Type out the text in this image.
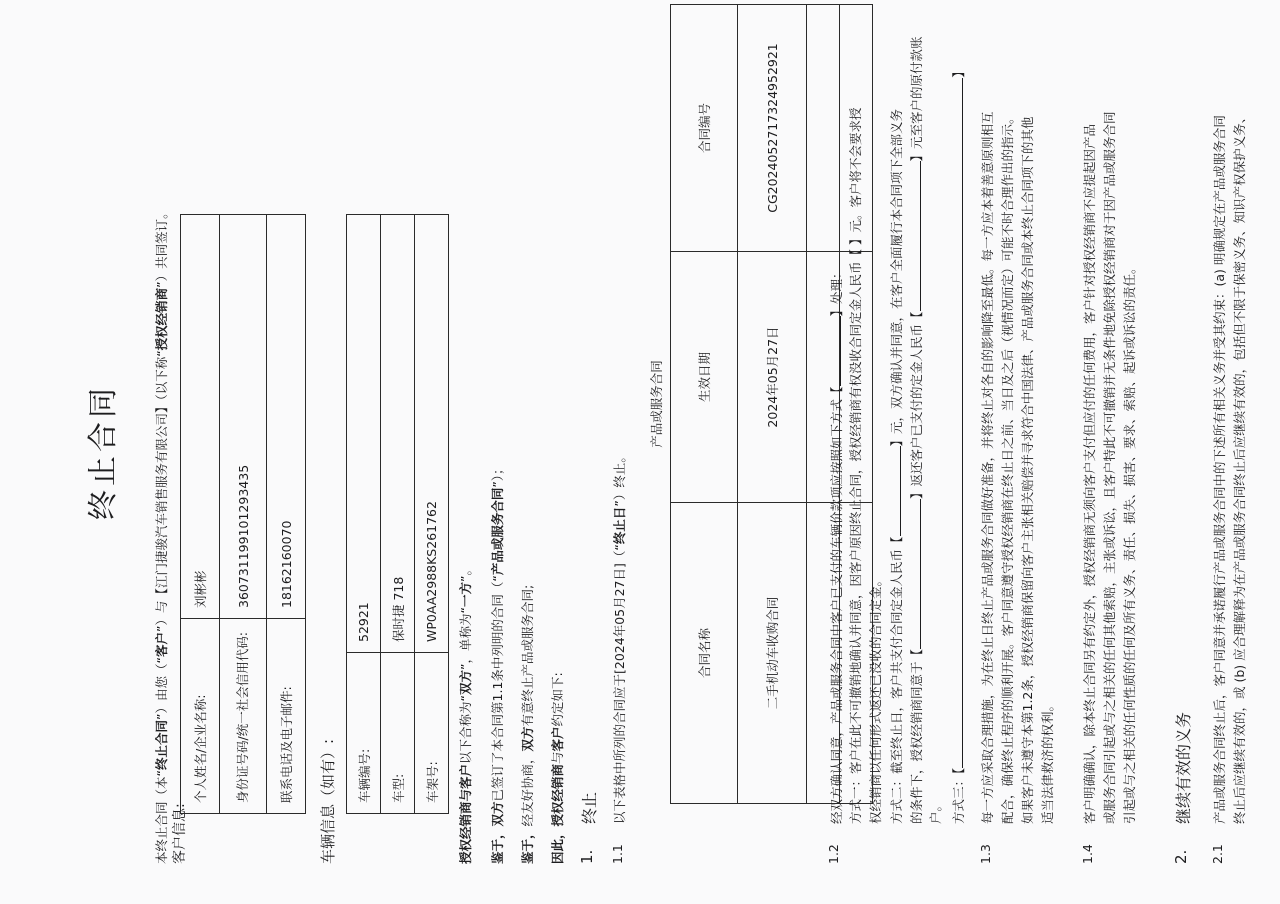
终止合同
本终止合同（本“终止合同”）由您（“客户”）与【江门捷骏汽车销售服务有限公司】（以下称“授权经销商”）共同签订。
客户信息:
个人姓名/企业名称:	刘彬彬
身份证号码/统一社会信用代码:	360731199101293435
联系电话及电子邮件:	18162160070
车辆信息（如有）: 车辆编号:	52921
车型:	保时捷 718
车架号:	WP0AA2988KS261762
授权经销商与客户以下合称为“双方”，单称为“一方”。
鉴于，双方已签订了本合同第1.1条中列明的合同（“产品或服务合同”）；
鉴于，经友好协商，双方有意终止产品或服务合同;
因此，授权经销商与客户约定如下:
1.
终止
1.1
以下表格中所列的合同应于[2024年05月27日]（“终止日”）终止。
产品或服务合同		
合同名称	生效日期	合同编号
二手机动车收购合同	2024年05月27日	CG20240527173249​52921

1.2
经双方确认同意，产品或服务合同中客户已支付的车辆价款项应按照如下方式【】处理： 方式一：客户在此不可撤销地确认并同意，因客户原因终止合同，授权经销商有权没收合同定金人民币【 】元。客户将不会要求授 权经销商以任何形式返还已没收的合同定金。 方式二：截至终止日，客户共支付合同定金人民币【】元，双方确认并同意，在客户全面履行本合同项下全部义务
的条件下，授权经销商同意于【】返还客户已支付的定金人民币【】元至客户的原付款账
户。 方式三：【】
1.3
每一方应采取合理措施，为在终止日终止产品或服务合同做好准备，并将终止对各自的影响降至最低。每一方应本着善意原则相互 配合，确保终止程序的顺利开展。客户同意遵守授权经销商在终止日之前、当日及之后（视情况而定）可能不时合理作出的指示。 如果客户未遵守本第1.2条，授权经销商保留向客户主张相关赔偿并寻求符合中国法律、产品或服务合同或本终止合同项下的其他 适当法律救济的权利。
1.4
客户明确确认，除本终止合同另有约定外，授权经销商无须向客户支付但应付的任何费用，客户针对授权经销商不应提起因产品 或服务合同引起或与之相关的任何其他索赔，主张或诉讼，且客户特此不可撤销并无条件地免除授权经销商对于因产品或服务合同 引起或与之相关的任何性质的任何及所有义务、责任、损失、损害、要求、索赔、起诉或诉讼的责任。
2.
继续有效的义务
2.1
产品或服务合同终止后，客户同意并承诺履行产品或服务合同中的下述所有相关义务并受其约束：(a) 明确规定在产品或服务合同 终止后应继续有效的，或 (b) 应合理解释为在产品或服务合同终止后应继续有效的，包括但不限于保密义务、知识产权保护义务、
